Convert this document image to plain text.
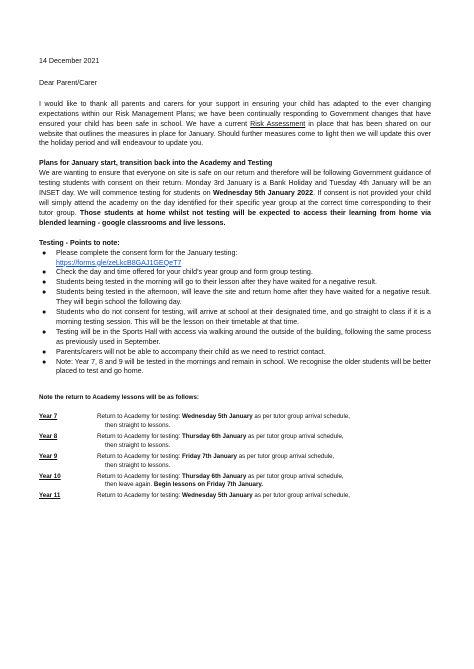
14 December 2021

Dear Parent/Carer

I would like to thank all parents and carers for your support in ensuring your child has adapted to the ever changing expectations within our Risk Management Plans; we have been continually responding to Government changes that have ensured your child has been safe in school. We have a current Risk Assessment in place that has been shared on our website that outlines the measures in place for January. Should further measures come to light then we will update this over the holiday period and will endeavour to update you.

Plans for January start, transition back into the Academy and Testing

We are wanting to ensure that everyone on site is safe on our return and therefore will be following Government guidance of testing students with consent on their return. Monday 3rd January is a Bank Holiday and Tuesday 4th January will be an INSET day. We will commence testing for students on Wednesday 5th January 2022. If consent is not provided your child will simply attend the academy on the day identified for their specific year group at the correct time corresponding to their tutor group. Those students at home whilst not testing will be expected to access their learning from home via blended learning - google classrooms and live lessons.

Testing - Points to note:

● Please complete the consent form for the January testing:
https://forms.gle/zeLkcB8GAJ1GEQeT7
● Check the day and time offered for your child’s year group and form group testing.
● Students being tested in the morning will go to their lesson after they have waited for a negative result.
● Students being tested in the afternoon, will leave the site and return home after they have waited for a negative result. They will begin school the following day.
● Students who do not consent for testing, will arrive at school at their designated time, and go straight to class if it is a morning testing session. This will be the lesson on their timetable at that time.
● Testing will be in the Sports Hall with access via walking around the outside of the building, following the same process as previously used in September.
● Parents/carers will not be able to accompany their child as we need to restrict contact.
● Note: Year 7, 8 and 9 will be tested in the mornings and remain in school. We recognise the older students will be better placed to test and go home.

Note the return to Academy lessons will be as follows:

Year 7	Return to Academy for testing: Wednesday 5th January as per tutor group arrival schedule,
then straight to lessons.
Year 8	Return to Academy for testing: Thursday 6th January as per tutor group arrival schedule,
then straight to lessons.
Year 9	Return to Academy for testing: Friday 7th January as per tutor group arrival schedule,
then straight to lessons.
Year 10	Return to Academy for testing: Thursday 6th January as per tutor group arrival schedule,
then leave again. Begin lessons on Friday 7th January.
Year 11	Return to Academy for testing: Wednesday 5th January as per tutor group arrival schedule,
